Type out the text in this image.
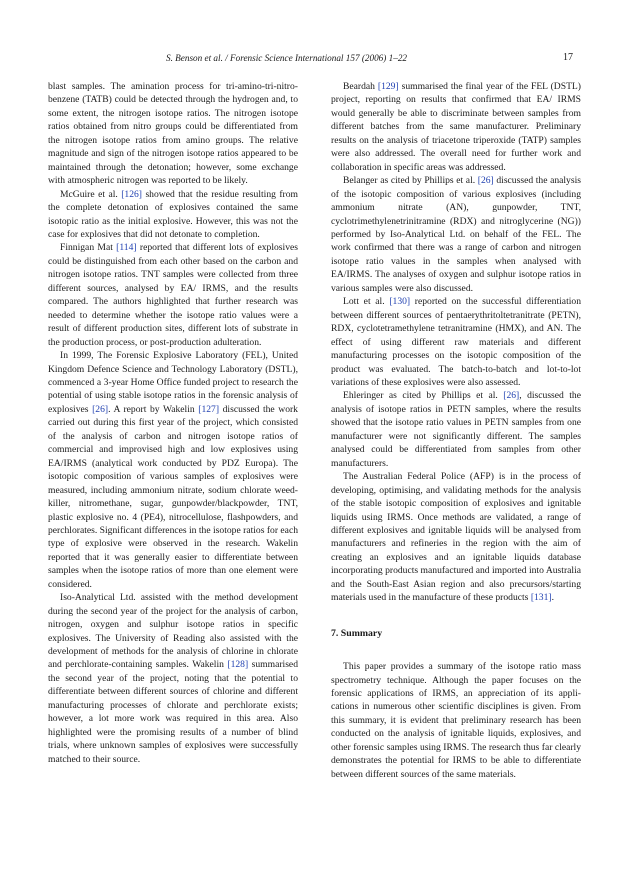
S. Benson et al. / Forensic Science International 157 (2006) 1–22	17

blast samples. The amination process for tri-amino-tri-nitrobenzene (TATB) could be detected through the hydrogen and, to some extent, the nitrogen isotope ratios. The nitrogen isotope ratios obtained from nitro groups could be differentiated from the nitrogen isotope ratios from amino groups. The relative magnitude and sign of the nitrogen isotope ratios appeared to be maintained through the detonation; however, some exchange with atmospheric nitrogen was reported to be likely.

McGuire et al. [126] showed that the residue resulting from the complete detonation of explosives contained the same isotopic ratio as the initial explosive. However, this was not the case for explosives that did not detonate to completion.

Finnigan Mat [114] reported that different lots of explosives could be distinguished from each other based on the carbon and nitrogen isotope ratios. TNT samples were collected from three different sources, analysed by EA/ IRMS, and the results compared. The authors highlighted that further research was needed to determine whether the isotope ratio values were a result of different production sites, different lots of substrate in the production process, or post-production adulteration.

In 1999, The Forensic Explosive Laboratory (FEL), United Kingdom Defence Science and Technology Laboratory (DSTL), commenced a 3-year Home Office funded project to research the potential of using stable isotope ratios in the forensic analysis of explosives [26]. A report by Wakelin [127] discussed the work carried out during this first year of the project, which consisted of the analysis of carbon and nitrogen isotope ratios of commercial and improvised high and low explosives using EA/IRMS (analytical work conducted by PDZ Europa). The isotopic composition of various samples of explosives were measured, including ammonium nitrate, sodium chlorate weed-killer, nitromethane, sugar, gunpowder/blackpowder, TNT, plastic explosive no. 4 (PE4), nitrocellulose, flashpowders, and perchlorates. Significant differences in the isotope ratios for each type of explosive were observed in the research. Wakelin reported that it was generally easier to differentiate between samples when the isotope ratios of more than one element were considered.

Iso-Analytical Ltd. assisted with the method development during the second year of the project for the analysis of carbon, nitrogen, oxygen and sulphur isotope ratios in specific explosives. The University of Reading also assisted with the development of methods for the analysis of chlorine in chlorate and perchlorate-containing samples. Wakelin [128] summarised the second year of the project, noting that the potential to differentiate between different sources of chlorine and different manufacturing processes of chlorate and perchlorate exists; however, a lot more work was required in this area. Also highlighted were the promising results of a number of blind trials, where unknown samples of explosives were successfully matched to their source.

Beardah [129] summarised the final year of the FEL (DSTL) project, reporting on results that confirmed that EA/ IRMS would generally be able to discriminate between samples from different batches from the same manufacturer. Preliminary results on the analysis of triacetone triperoxide (TATP) samples were also addressed. The overall need for further work and collaboration in specific areas was addressed.

Belanger as cited by Phillips et al. [26] discussed the analysis of the isotopic composition of various explosives (including ammonium nitrate (AN), gunpowder, TNT, cyclotrimethylenetrinitramine (RDX) and nitroglycerine (NG)) performed by Iso-Analytical Ltd. on behalf of the FEL. The work confirmed that there was a range of carbon and nitrogen isotope ratio values in the samples when analysed with EA/IRMS. The analyses of oxygen and sulphur isotope ratios in various samples were also discussed.

Lott et al. [130] reported on the successful differentiation between different sources of pentaerythritoltetranitrate (PETN), RDX, cyclotetramethylene tetranitramine (HMX), and AN. The effect of using different raw materials and different manufacturing processes on the isotopic composition of the product was evaluated. The batch-to-batch and lot-to-lot variations of these explosives were also assessed.

Ehleringer as cited by Phillips et al. [26], discussed the analysis of isotope ratios in PETN samples, where the results showed that the isotope ratio values in PETN samples from one manufacturer were not significantly different. The samples analysed could be differentiated from samples from other manufacturers.

The Australian Federal Police (AFP) is in the process of developing, optimising, and validating methods for the analysis of the stable isotopic composition of explosives and ignitable liquids using IRMS. Once methods are validated, a range of different explosives and ignitable liquids will be analysed from manufacturers and refineries in the region with the aim of creating an explosives and an ignitable liquids database incorporating products manufactured and imported into Australia and the South-East Asian region and also precursors/starting materials used in the manufacture of these products [131].

7. Summary

This paper provides a summary of the isotope ratio mass spectrometry technique. Although the paper focuses on the forensic applications of IRMS, an appreciation of its applications in numerous other scientific disciplines is given. From this summary, it is evident that preliminary research has been conducted on the analysis of ignitable liquids, explosives, and other forensic samples using IRMS. The research thus far clearly demonstrates the potential for IRMS to be able to differentiate between different sources of the same materials.
